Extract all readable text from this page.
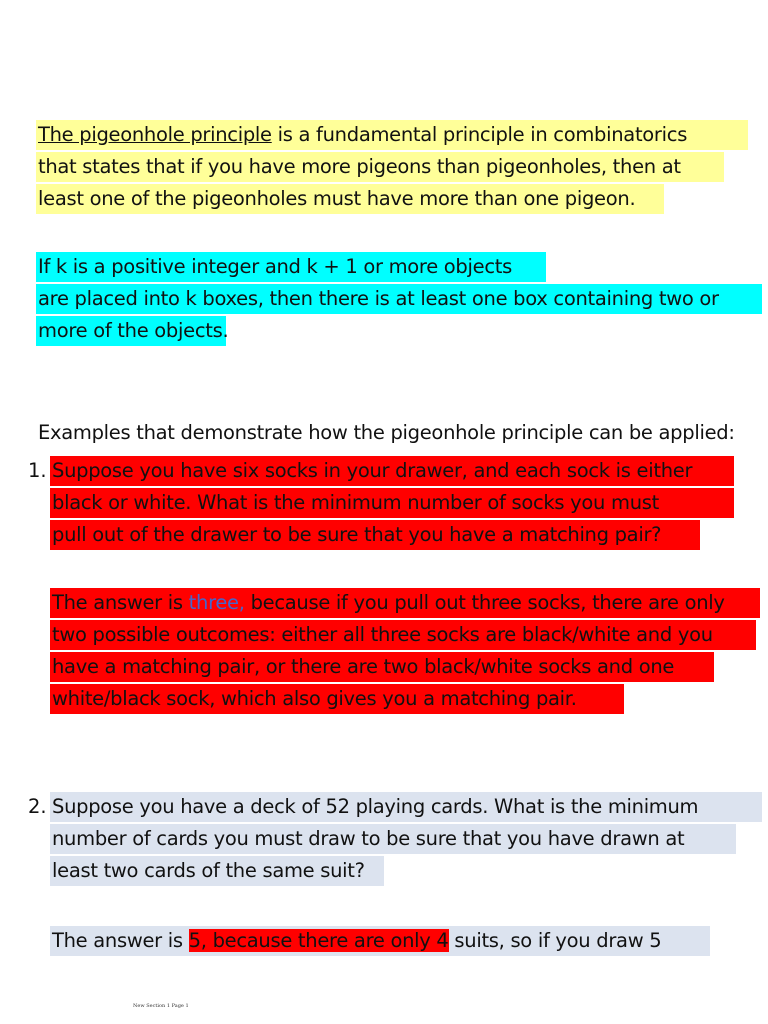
The pigeonhole principle is a fundamental principle in combinatorics
that states that if you have more pigeons than pigeonholes, then at
least one of the pigeonholes must have more than one pigeon.
If k is a positive integer and k + 1 or more objects
are placed into k boxes, then there is at least one box containing two or
more of the objects.
Examples that demonstrate how the pigeonhole principle can be applied:
1. Suppose you have six socks in your drawer, and each sock is either
black or white. What is the minimum number of socks you must
pull out of the drawer to be sure that you have a matching pair?
The answer is three, because if you pull out three socks, there are only
two possible outcomes: either all three socks are black/white and you
have a matching pair, or there are two black/white socks and one
white/black sock, which also gives you a matching pair.
2. Suppose you have a deck of 52 playing cards. What is the minimum
number of cards you must draw to be sure that you have drawn at
least two cards of the same suit?
The answer is 5, because there are only 4 suits, so if you draw 5
New Section 1 Page 1
